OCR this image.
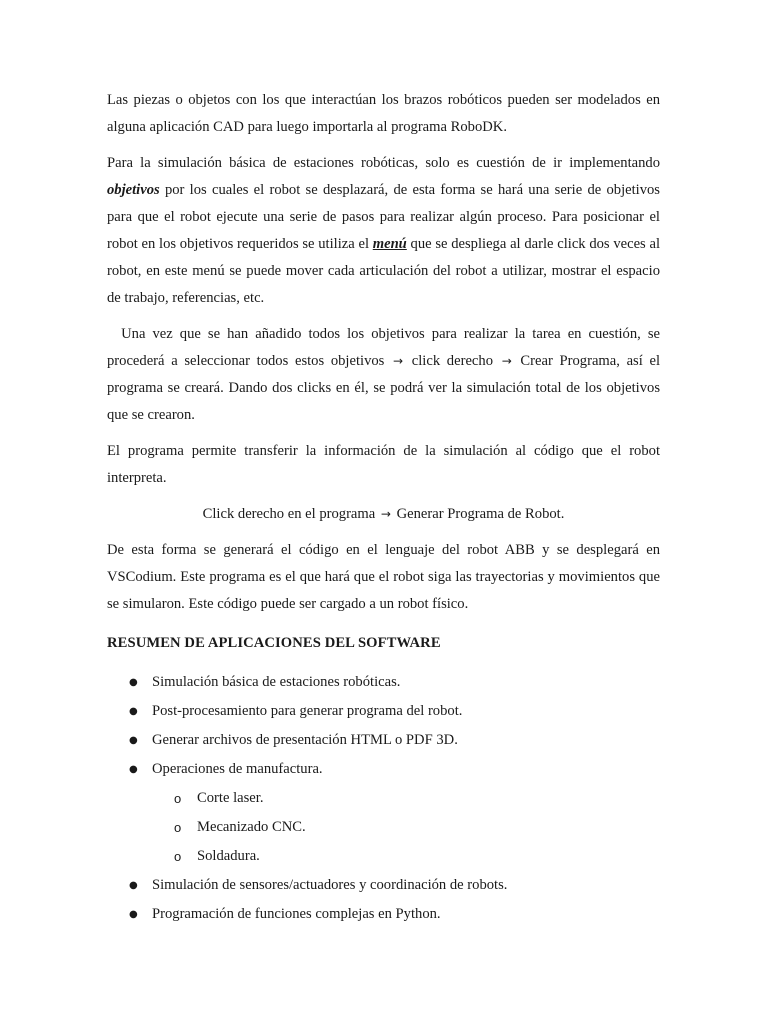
Las piezas o objetos con los que interactúan los brazos robóticos pueden ser modelados en alguna aplicación CAD para luego importarla al programa RoboDK.

Para la simulación básica de estaciones robóticas, solo es cuestión de ir implementando objetivos por los cuales el robot se desplazará, de esta forma se hará una serie de objetivos para que el robot ejecute una serie de pasos para realizar algún proceso. Para posicionar el robot en los objetivos requeridos se utiliza el menú que se despliega al darle click dos veces al robot, en este menú se puede mover cada articulación del robot a utilizar, mostrar el espacio de trabajo, referencias, etc.

Una vez que se han añadido todos los objetivos para realizar la tarea en cuestión, se procederá a seleccionar todos estos objetivos → click derecho → Crear Programa, así el programa se creará. Dando dos clicks en él, se podrá ver la simulación total de los objetivos que se crearon.

El programa permite transferir la información de la simulación al código que el robot interpreta.

Click derecho en el programa → Generar Programa de Robot.

De esta forma se generará el código en el lenguaje del robot ABB y se desplegará en VSCodium. Este programa es el que hará que el robot siga las trayectorias y movimientos que se simularon. Este código puede ser cargado a un robot físico.

RESUMEN DE APLICACIONES DEL SOFTWARE
● Simulación básica de estaciones robóticas.
● Post-procesamiento para generar programa del robot.
● Generar archivos de presentación HTML o PDF 3D.
● Operaciones de manufactura.
o Corte laser.
o Mecanizado CNC.
o Soldadura.
● Simulación de sensores/actuadores y coordinación de robots.
● Programación de funciones complejas en Python.
